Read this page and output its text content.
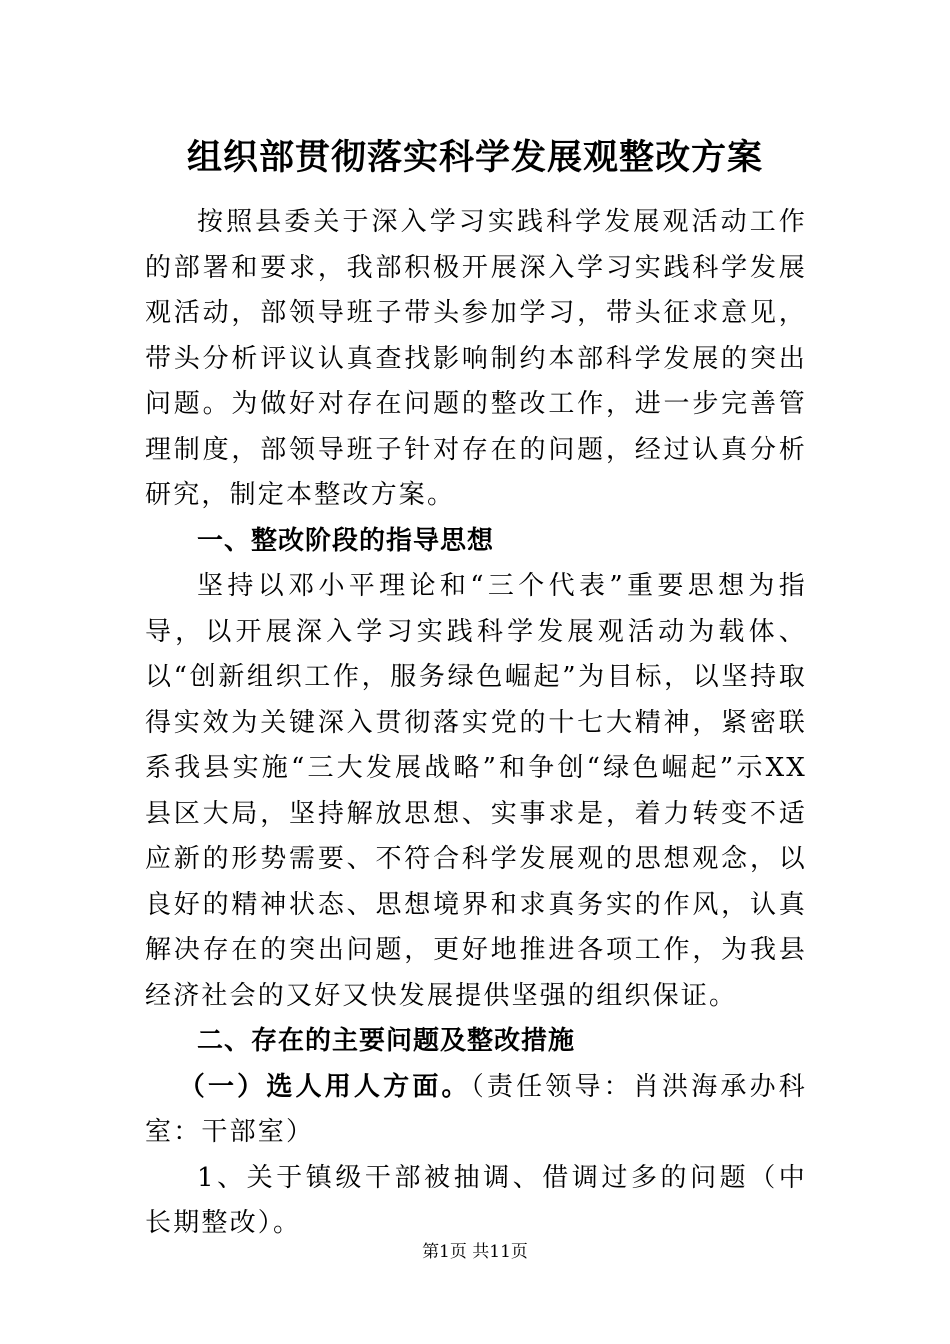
组织部贯彻落实科学发展观整改方案

按照县委关于深入学习实践科学发展观活动工作的部署和要求，我部积极开展深入学习实践科学发展观活动，部领导班子带头参加学习，带头征求意见，带头分析评议认真查找影响制约本部科学发展的突出问题。为做好对存在问题的整改工作，进一步完善管理制度，部领导班子针对存在的问题，经过认真分析研究，制定本整改方案。

一、整改阶段的指导思想

坚持以邓小平理论和“三个代表”重要思想为指导，以开展深入学习实践科学发展观活动为载体、以“创新组织工作，服务绿色崛起”为目标，以坚持取得实效为关键深入贯彻落实党的十七大精神，紧密联系我县实施“三大发展战略”和争创“绿色崛起”示XX县区大局，坚持解放思想、实事求是，着力转变不适应新的形势需要、不符合科学发展观的思想观念，以良好的精神状态、思想境界和求真务实的作风，认真解决存在的突出问题，更好地推进各项工作，为我县经济社会的又好又快发展提供坚强的组织保证。

二、存在的主要问题及整改措施

（一）选人用人方面。（责任领导：肖洪海承办科室：干部室）

1、关于镇级干部被抽调、借调过多的问题（中长期整改）。

第1页 共11页
